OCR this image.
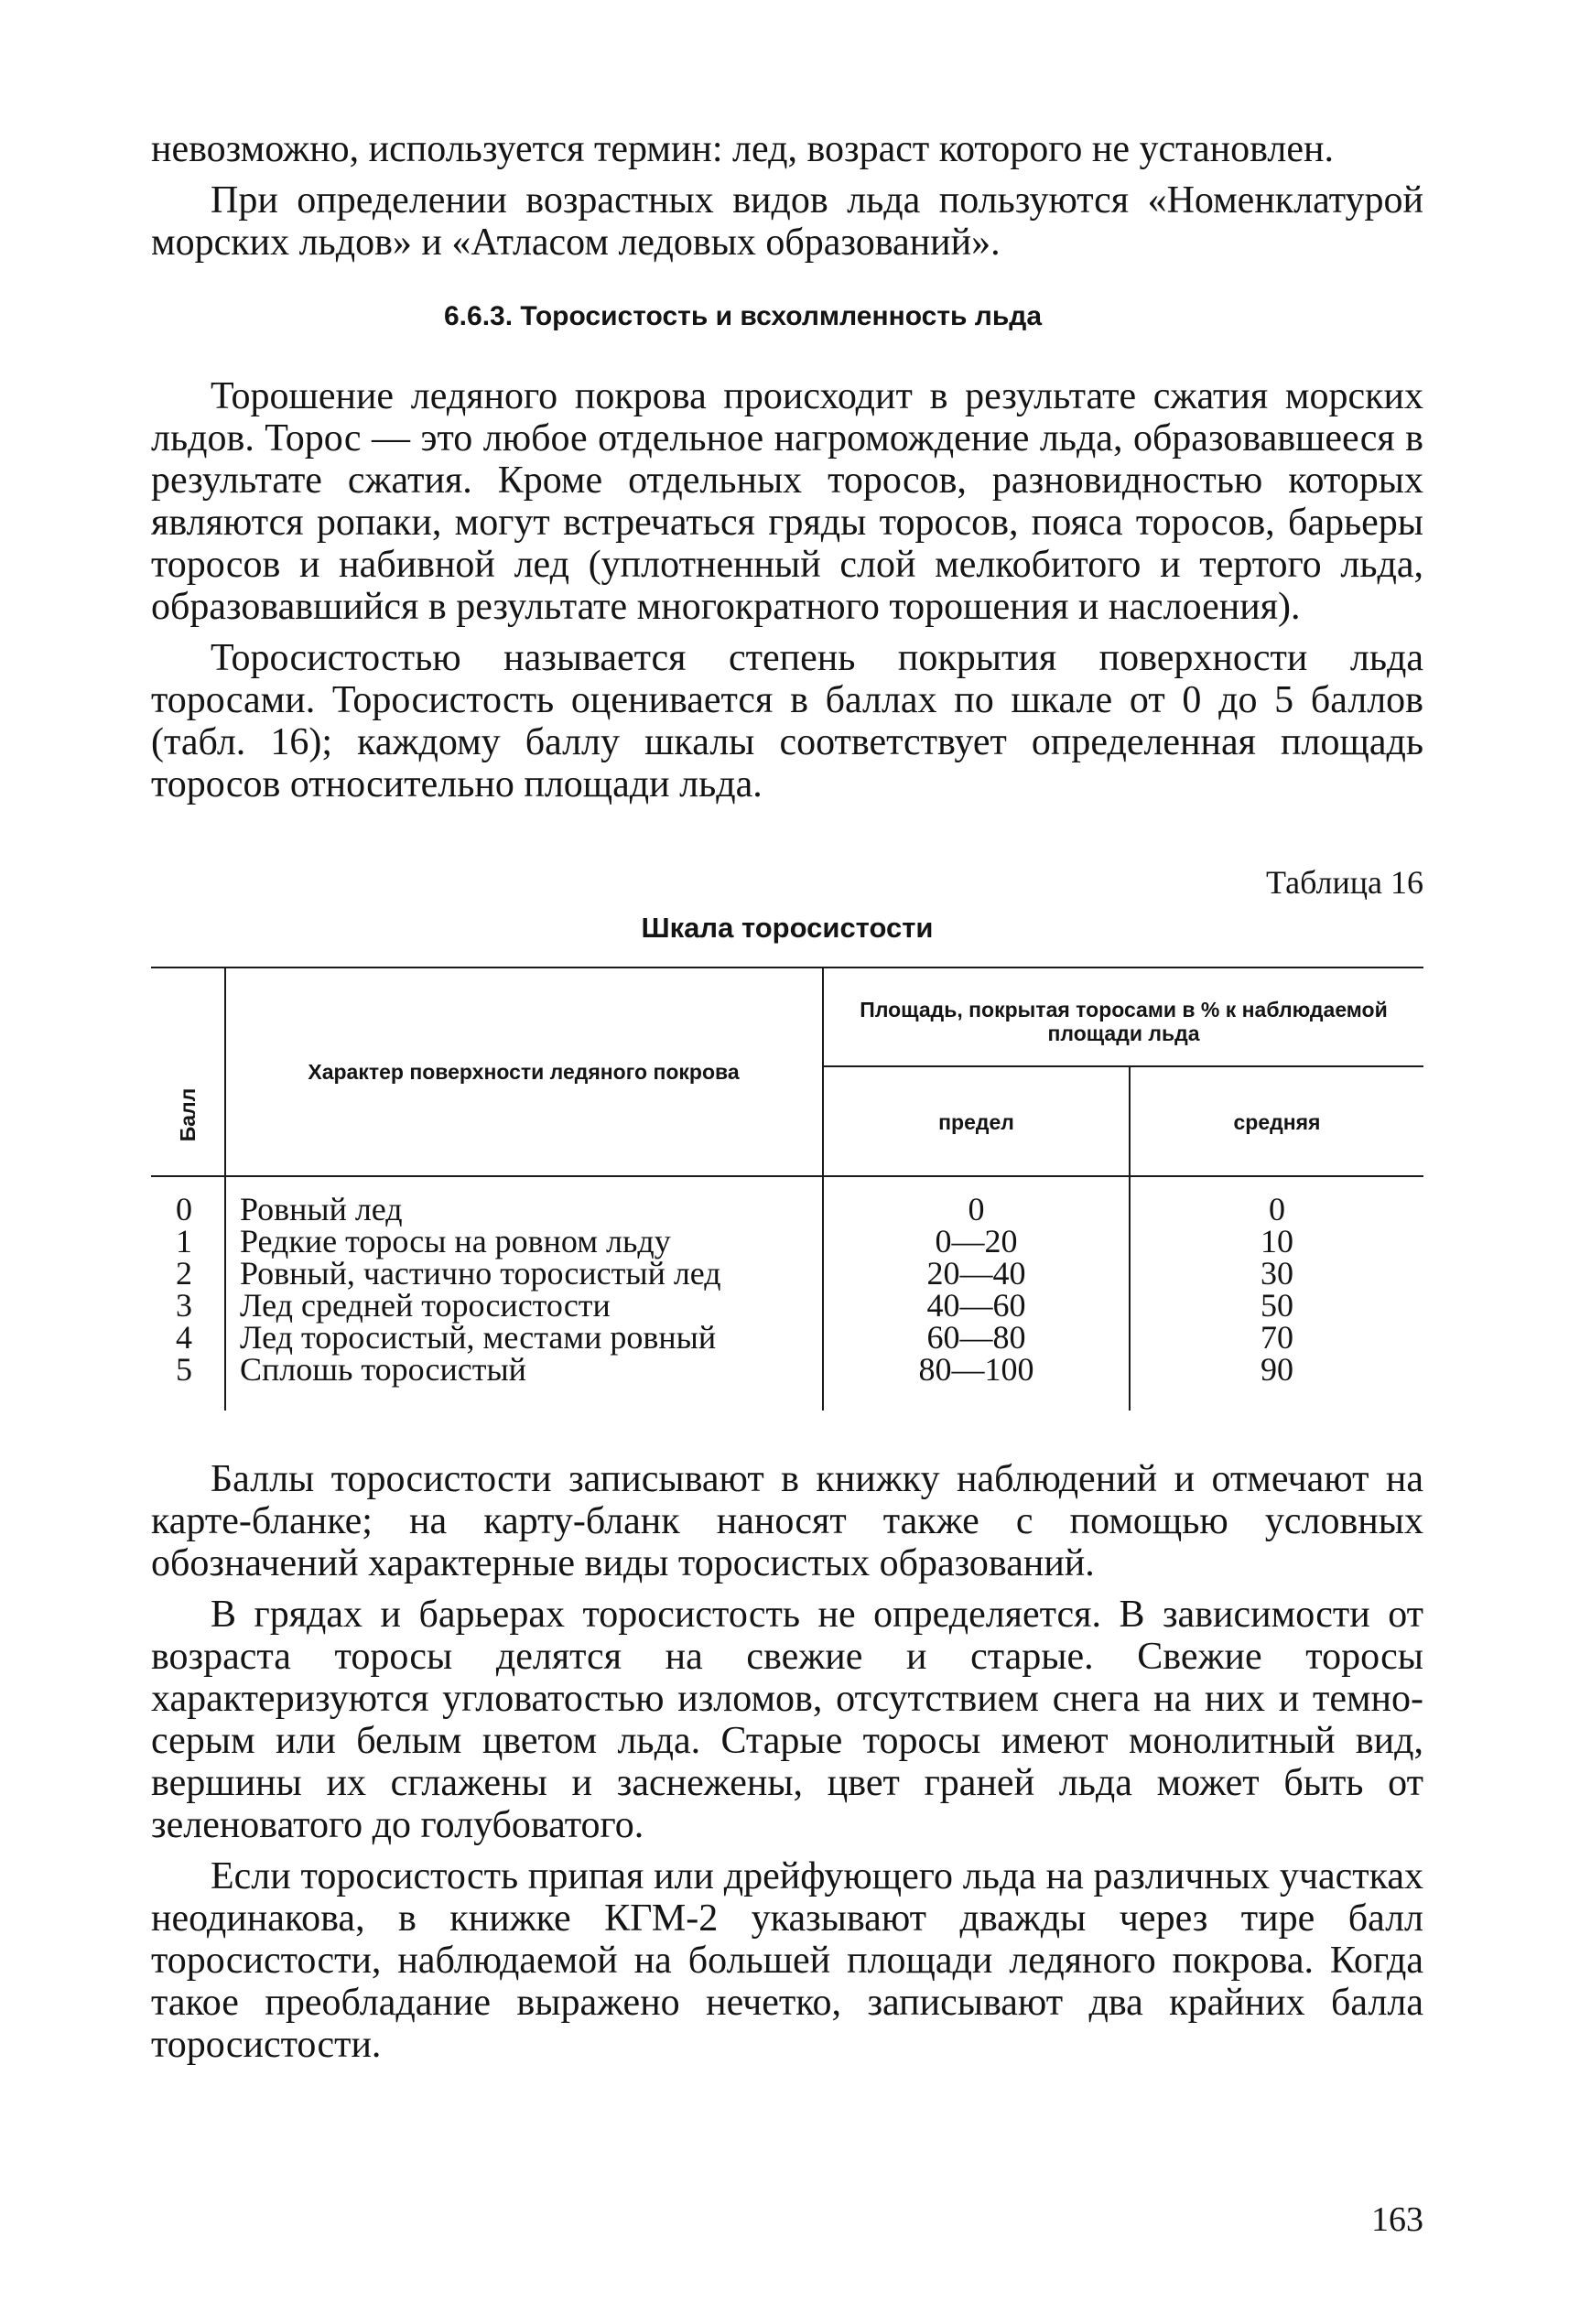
невозможно, используется термин: лед, возраст которого не установлен.

При определении возрастных видов льда пользуются «Номенклатурой морских льдов» и «Атласом ледовых образований».

6.6.3. Торосистость и всхолмленность льда

Торошение ледяного покрова происходит в результате сжатия морских льдов. Торос — это любое отдельное нагромождение льда, образовавшееся в результате сжатия. Кроме отдельных торосов, разновидностью которых являются ропаки, могут встречаться гряды торосов, пояса торосов, барьеры торосов и набивной лед (уплотненный слой мелкобитого и тертого льда, образовавшийся в результате многократного торошения и наслоения).

Торосистостью называется степень покрытия поверхности льда торосами. Торосистость оценивается в баллах по шкале от 0 до 5 баллов (табл. 16); каждому баллу шкалы соответствует определенная площадь торосов относительно площади льда.

Таблица 16
Шкала торосистости
Балл
Характер поверхности ледяного покрова
Площадь, покрытая торосами в % к наблюдаемой площади льда
предел	средняя
0	Ровный лед	0	0
1	Редкие торосы на ровном льду	0—20	10
2	Ровный, частично торосистый лед	20—40	30
3	Лед средней торосистости	40—60	50
4	Лед торосистый, местами ровный	60—80	70
5	Сплошь торосистый	80—100	90

Баллы торосистости записывают в книжку наблюдений и отмечают на карте-бланке; на карту-бланк наносят также с помощью условных обозначений характерные виды торосистых образований.

В грядах и барьерах торосистость не определяется. В зависимости от возраста торосы делятся на свежие и старые. Свежие торосы характеризуются угловатостью изломов, отсутствием снега на них и темно-серым или белым цветом льда. Старые торосы имеют монолитный вид, вершины их сглажены и заснежены, цвет граней льда может быть от зеленоватого до голубоватого.

Если торосистость припая или дрейфующего льда на различных участках неодинакова, в книжке КГМ-2 указывают дважды через тире балл торосистости, наблюдаемой на большей площади ледяного покрова. Когда такое преобладание выражено нечетко, записывают два крайних балла торосистости.

163
